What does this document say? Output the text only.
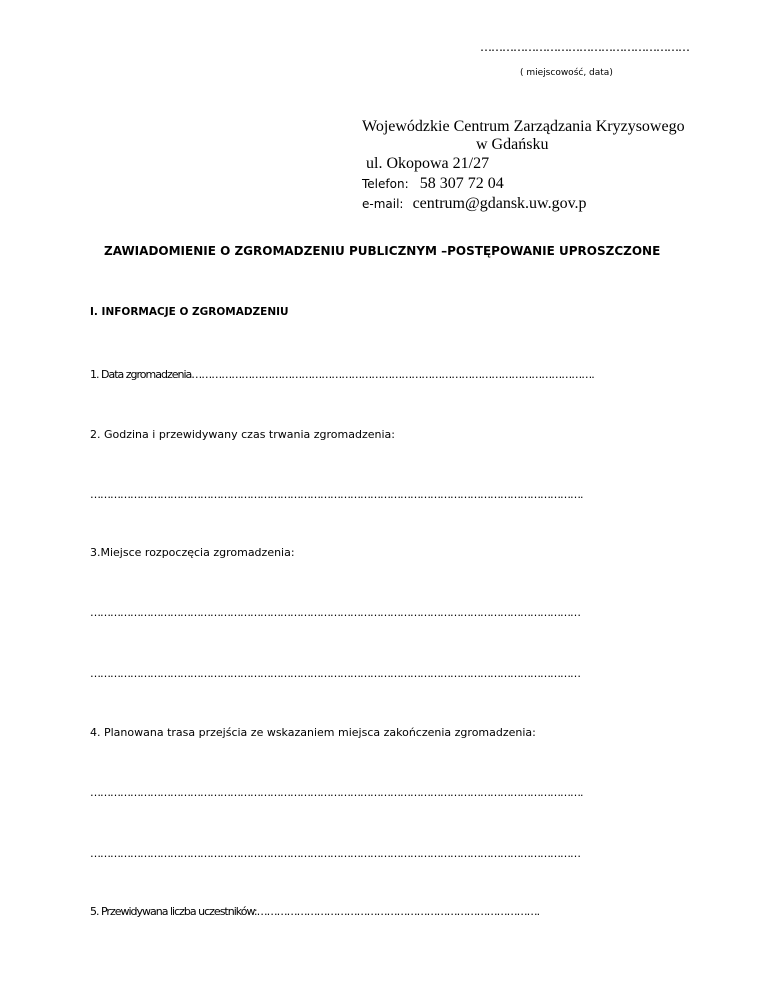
…………………………………………………
( miejscowość, data)
Wojewódzkie Centrum Zarządzania Kryzysowego
w Gdańsku
ul. Okopowa 21/27
Telefon: 58 307 72 04
e-mail: centrum@gdansk.uw.gov.p
ZAWIADOMIENIE O ZGROMADZENIU PUBLICZNYM –POSTĘPOWANIE UPROSZCZONE
I. INFORMACJE O ZGROMADZENIU
1. Data zgromadzenia………………………………………………………………………………………………………….
2. Godzina i przewidywany czas trwania zgromadzenia:
………………………………………………………………………………………………………………………………….
3.Miejsce rozpoczęcia zgromadzenia:
…………………………………………………………………………………………………………………………………
…………………………………………………………………………………………………………………………………
4. Planowana trasa przejścia ze wskazaniem miejsca zakończenia zgromadzenia:
………………………………………………………………………………………………………………………………….
…………………………………………………………………………………………………………………………………
5. Przewidywana liczba uczestników:………………………………………………………………………….
